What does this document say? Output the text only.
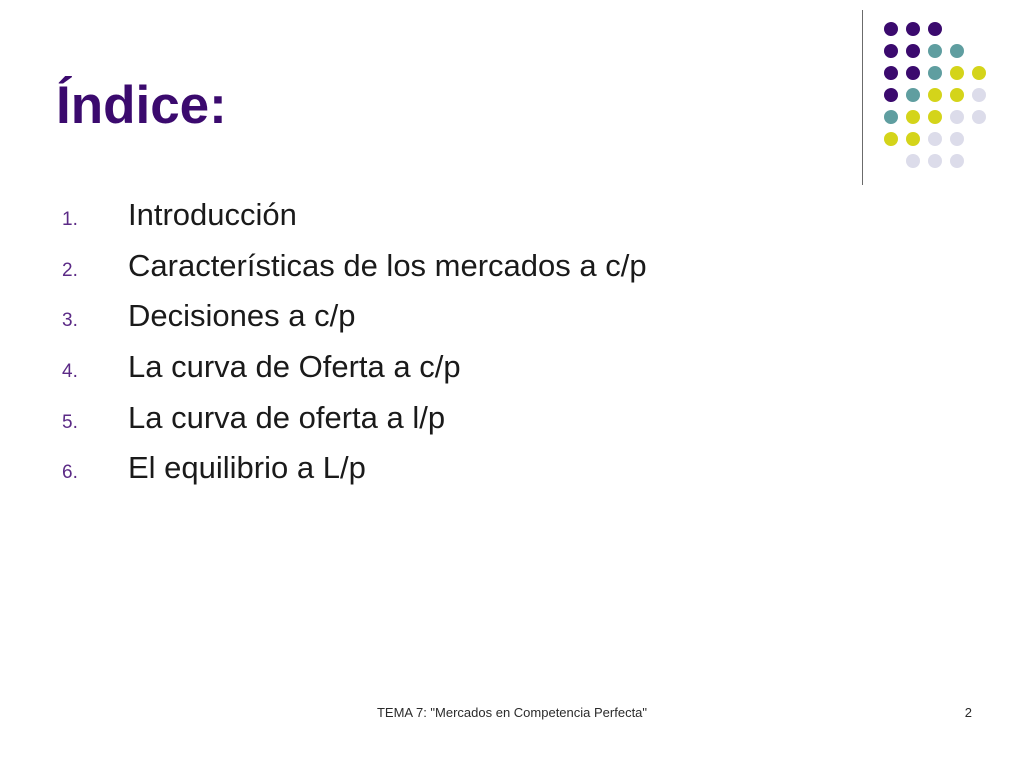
Índice:
1.	Introducción
2.	Características de los mercados a c/p
3.	Decisiones a c/p
4.	La curva de Oferta a c/p
5.	La curva de oferta a l/p
6.	El equilibrio a L/p
TEMA 7: "Mercados en Competencia Perfecta"	2
